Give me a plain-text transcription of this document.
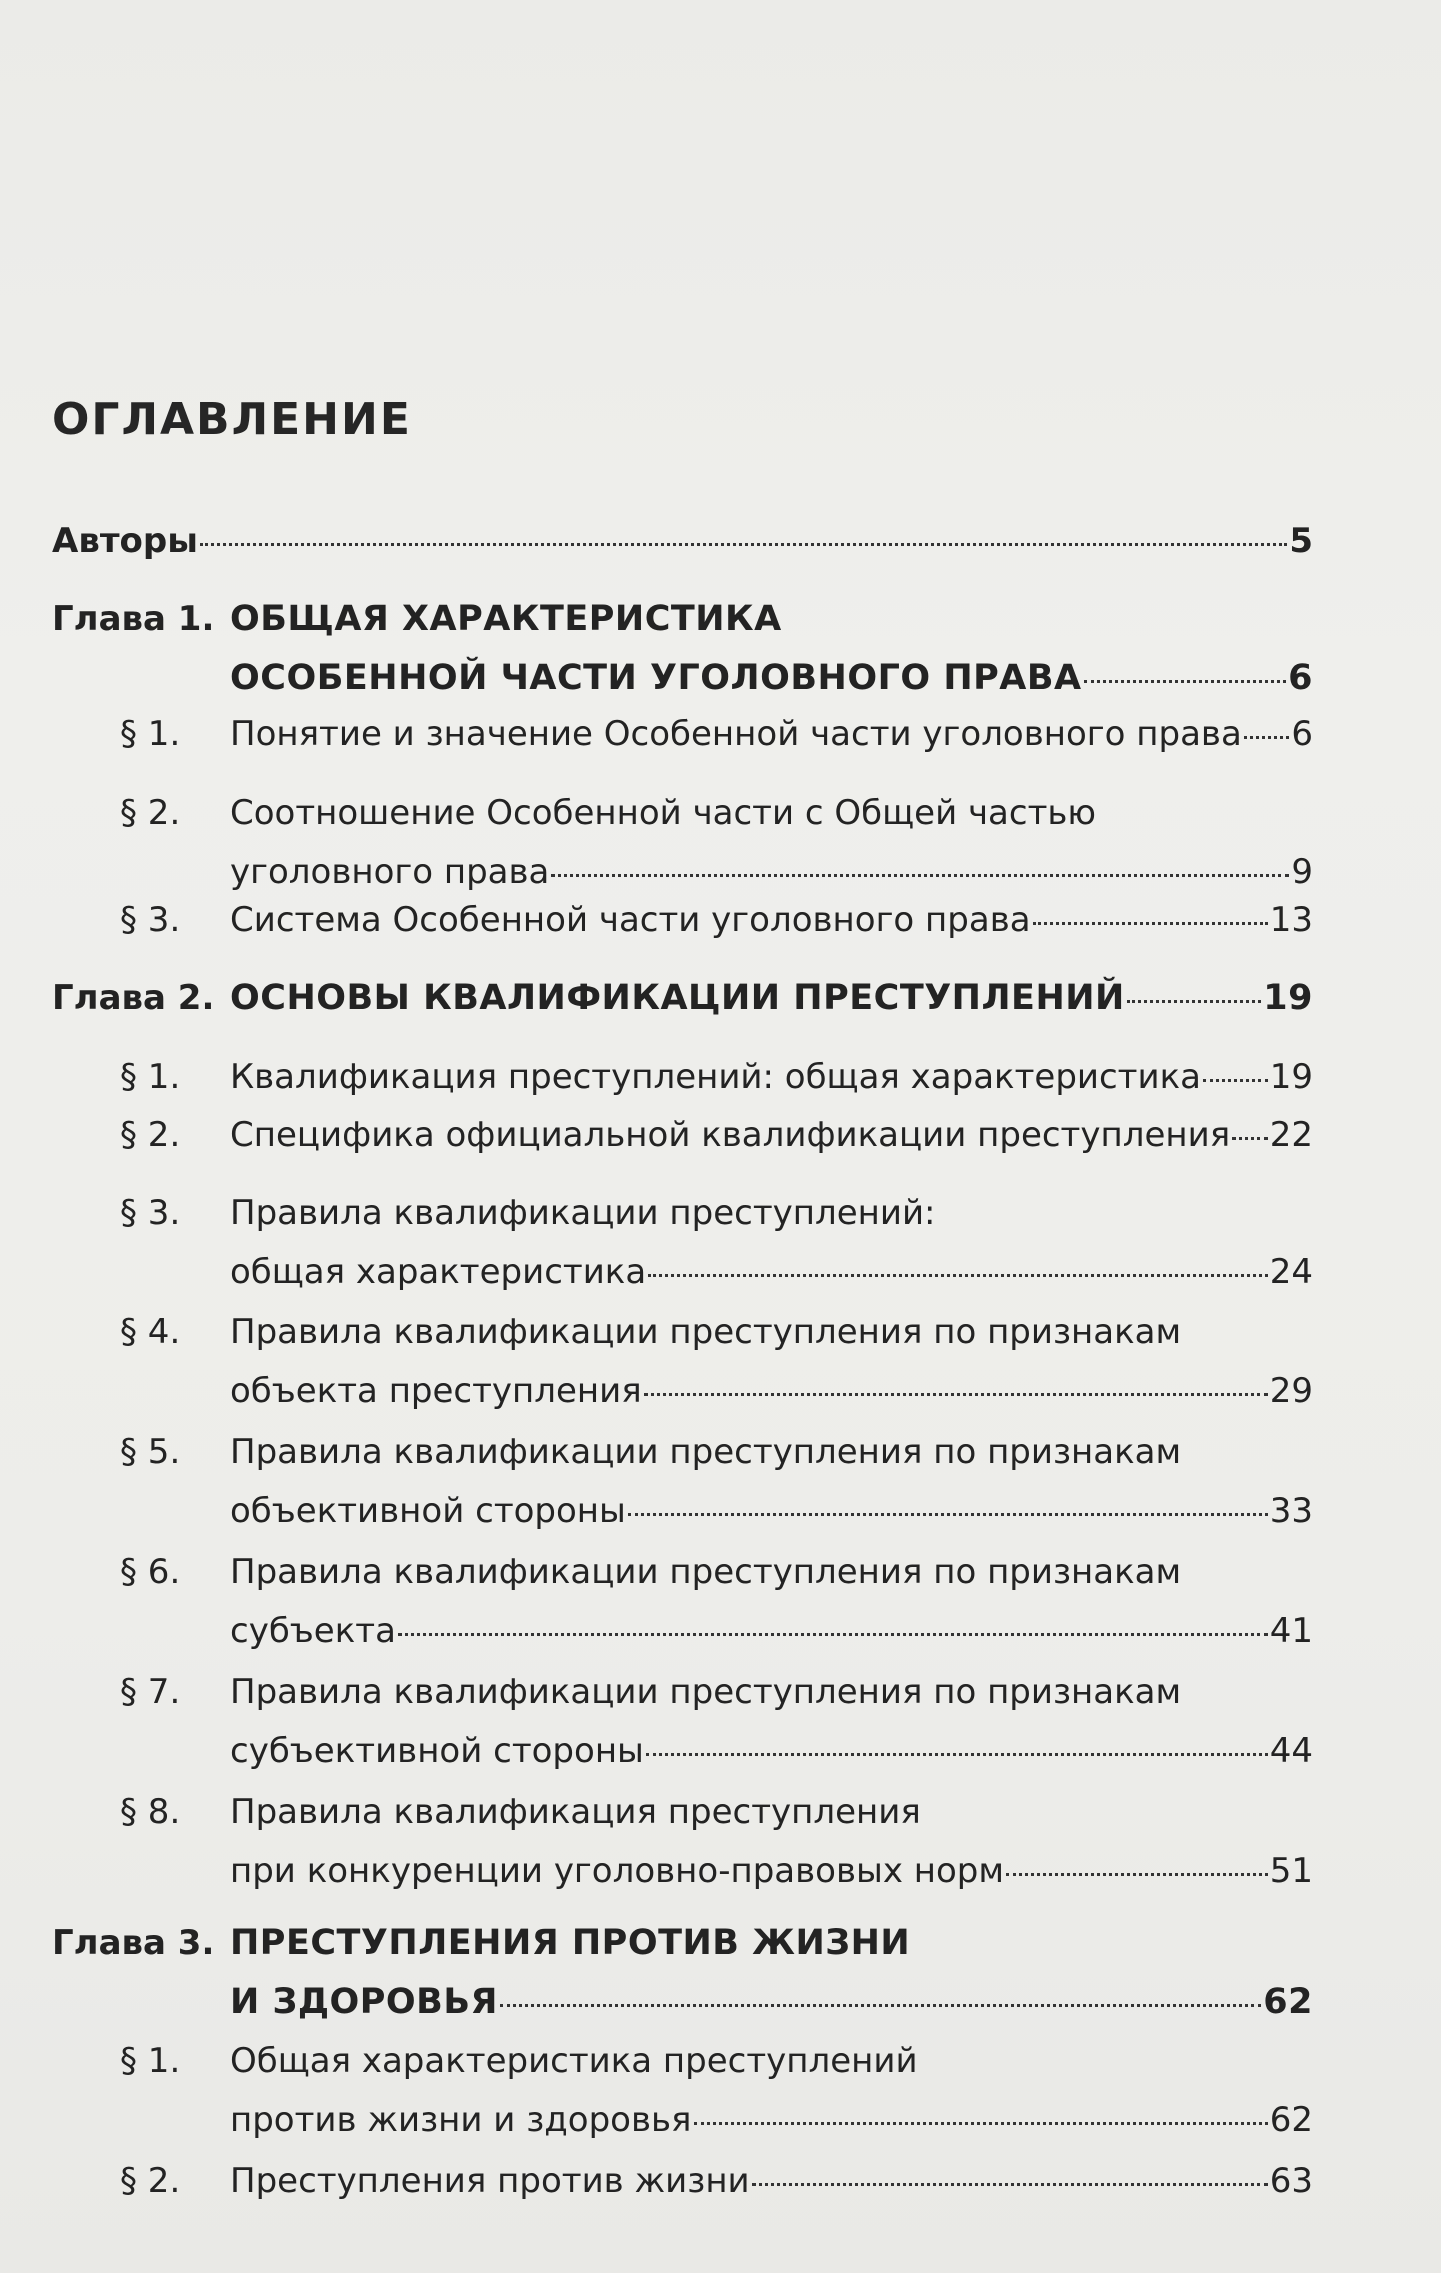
ОГЛАВЛЕНИЕ
Авторы	5
Глава 1. ОБЩАЯ ХАРАКТЕРИСТИКА
ОСОБЕННОЙ ЧАСТИ УГОЛОВНОГО ПРАВА	6
§ 1. Понятие и значение Особенной части уголовного права 6
§ 2. Соотношение Особенной части с Общей частью
уголовного права	9
§ 3. Система Особенной части уголовного права	13
Глава 2. ОСНОВЫ КВАЛИФИКАЦИИ ПРЕСТУПЛЕНИЙ	19
§ 1. Квалификация преступлений: общая характеристика 19
§ 2. Специфика официальной квалификации преступления 22
§ 3. Правила квалификации преступлений:
общая характеристика	24
§ 4. Правила квалификации преступления по признакам
объекта преступления	29
§ 5. Правила квалификации преступления по признакам
объективной стороны	33
§ 6. Правила квалификации преступления по признакам
субъекта	41
§ 7. Правила квалификации преступления по признакам
субъективной стороны	44
§ 8. Правила квалификация преступления
при конкуренции уголовно-правовых норм	51
Глава 3. ПРЕСТУПЛЕНИЯ ПРОТИВ ЖИЗНИ
И ЗДОРОВЬЯ	62
§ 1. Общая характеристика преступлений
против жизни и здоровья	62
§ 2. Преступления против жизни	63
